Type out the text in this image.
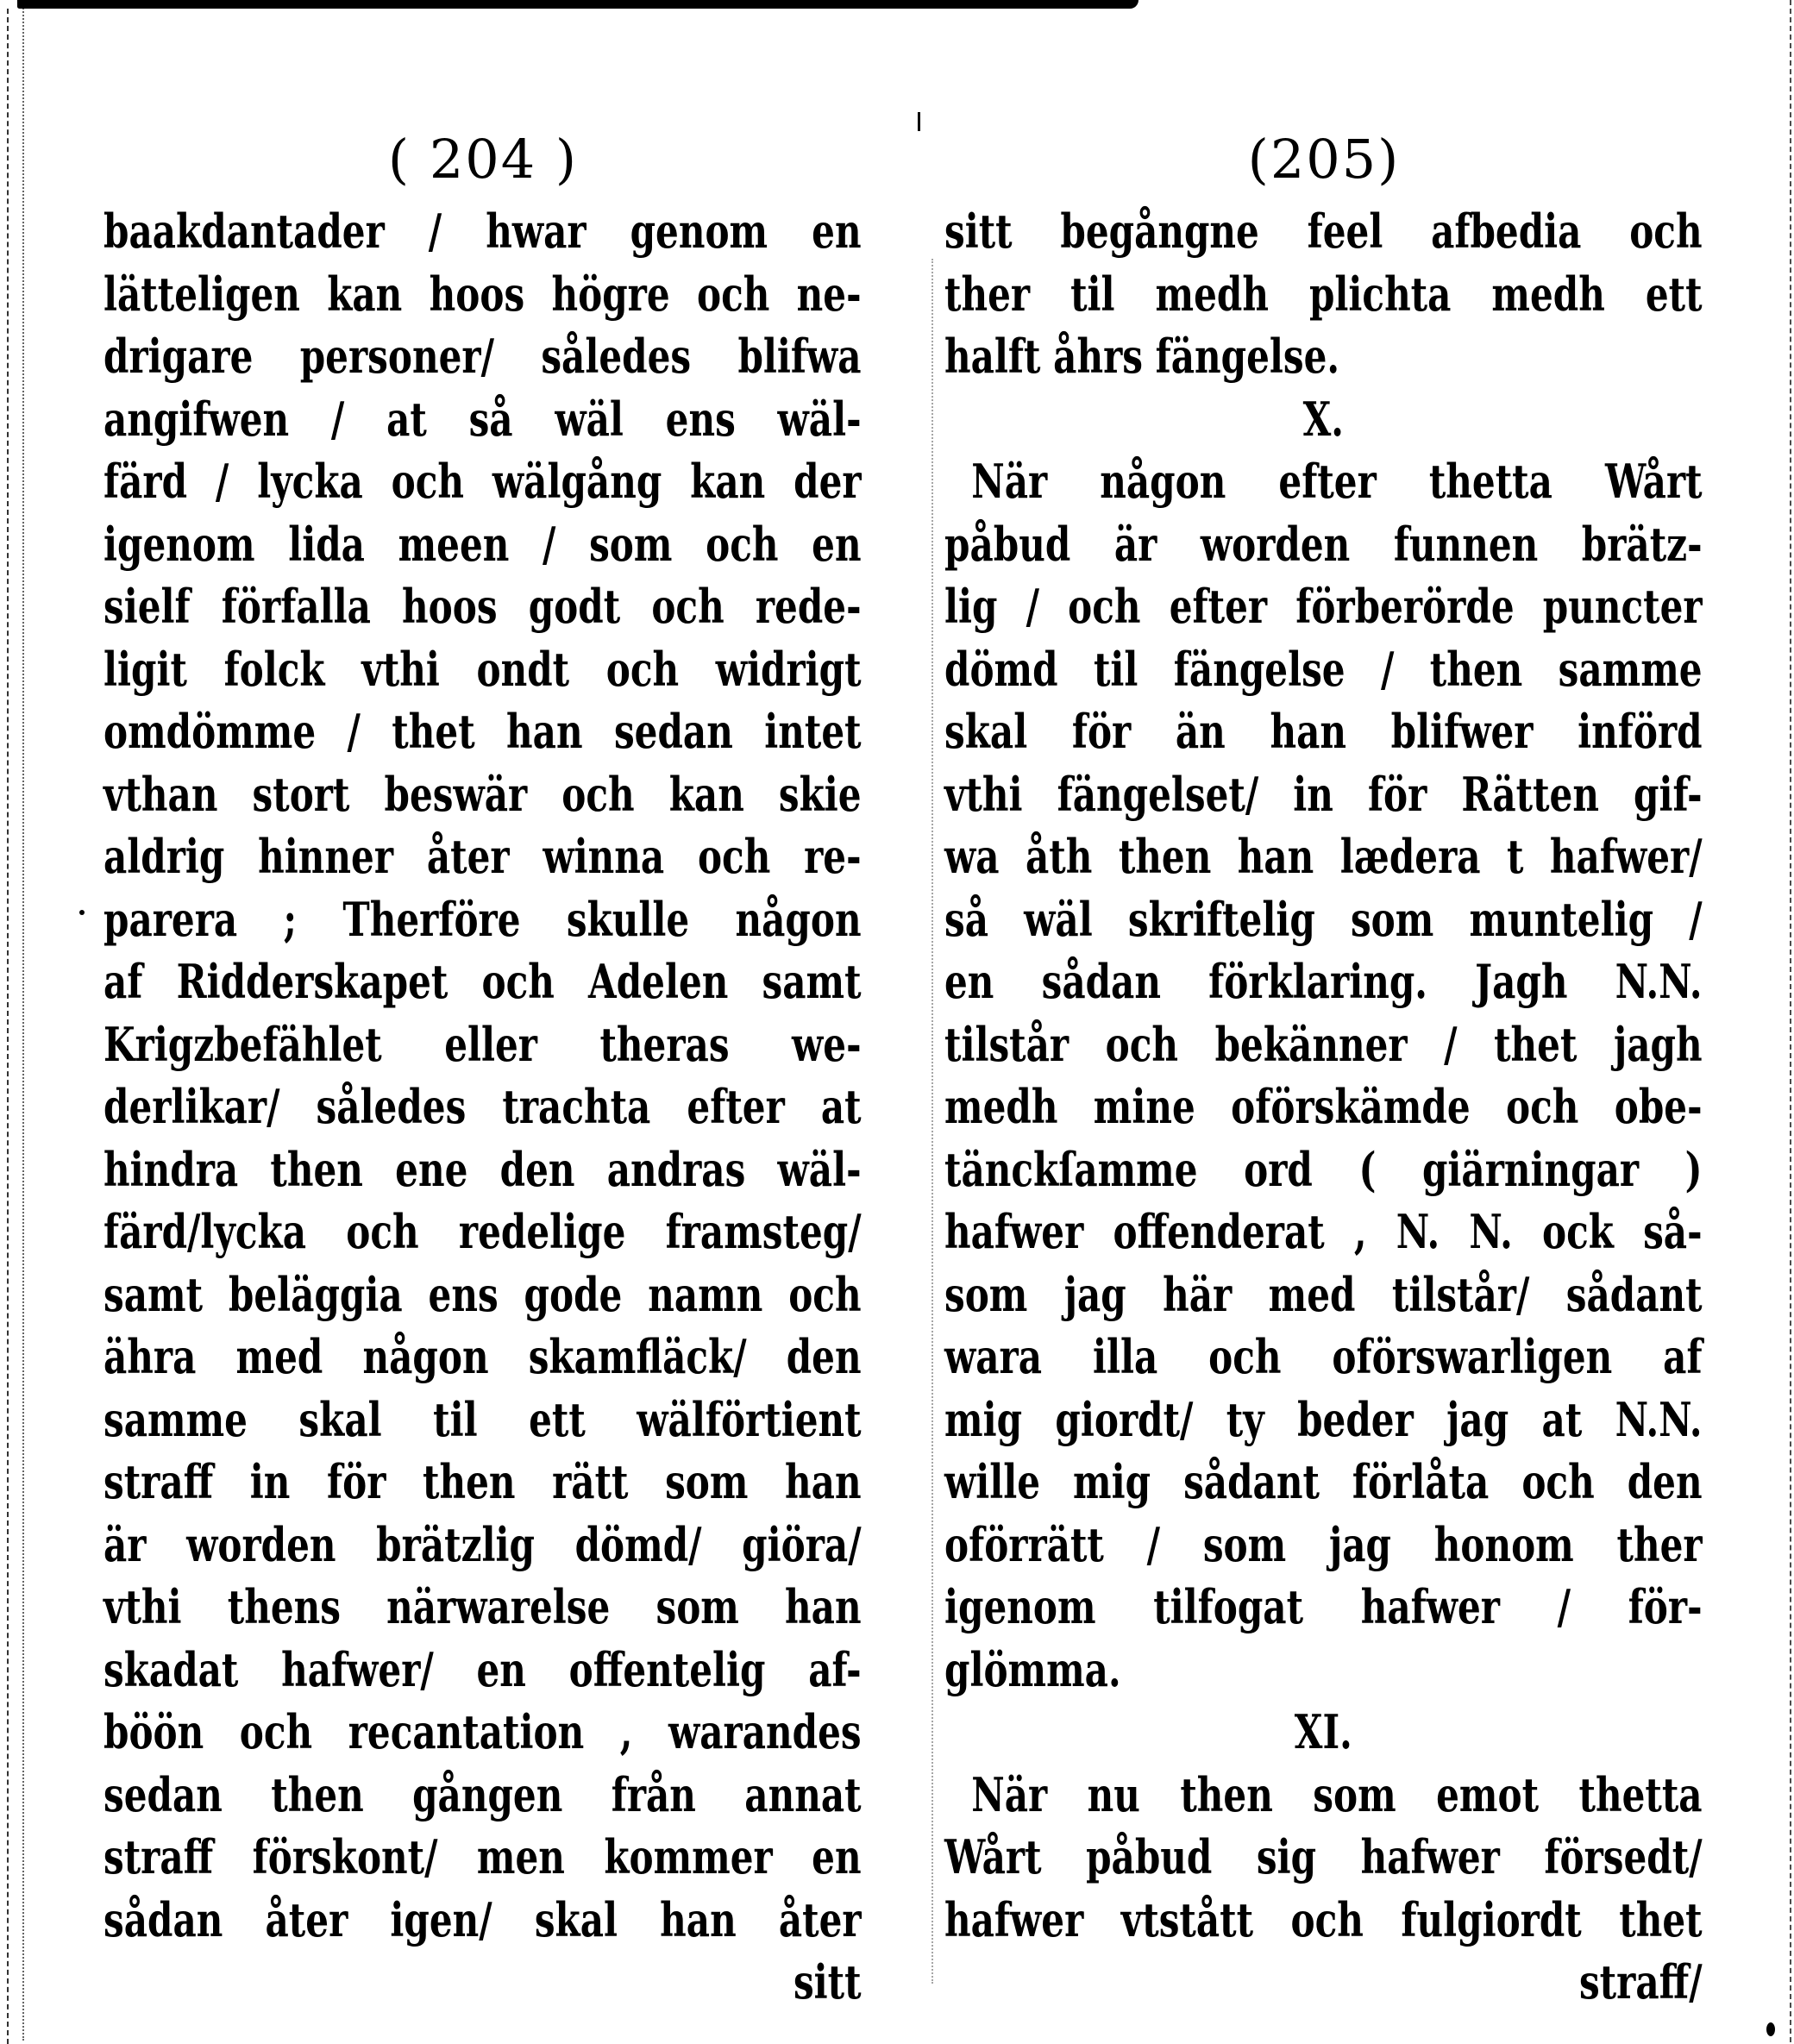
( 204 )
baakdantader / hwar genom en
lätteligen kan hoos högre och ne-
drigare personer/ således blifwa
angifwen / at så wäl ens wäl-
färd / lycka och wälgång kan der
igenom lida meen / som och en
sielf förfalla hoos godt och rede-
ligit folck vthi ondt och widrigt
omdömme / thet han sedan intet
vthan stort beswär och kan skie
aldrig hinner åter winna och re-
parera ; Therföre skulle någon
af Ridderskapet och Adelen samt
Krigzbefählet eller theras we-
derlikar/ således trachta efter at
hindra then ene den andras wäl-
färd/lycka och redelige framsteg/
samt beläggia ens gode namn och
ähra med någon skamfläck/ den
samme skal til ett wälförtient
straff in för then rätt som han
är worden brätzlig dömd/ giöra/
vthi thens närwarelse som han
skadat hafwer/ en offentelig af-
böön och recantation , warandes
sedan then gången från annat
straff förskont/ men kommer en
sådan åter igen/ skal han åter
sitt
(205)
sitt begångne feel afbedia och
ther til medh plichta medh ett
halft åhrs fängelse.
X.
När någon efter thetta Wårt
påbud är worden funnen brätz-
lig / och efter förberörde puncter
dömd til fängelse / then samme
skal för än han blifwer införd
vthi fängelset/ in för Rätten gif-
wa åth then han lædera t hafwer/
så wäl skriftelig som muntelig /
en sådan förklaring. Jagh N.N.
tilstår och bekänner / thet jagh
medh mine oförskämde och obe-
tänckſamme ord ( giärningar )
hafwer offenderat , N. N. ock så-
som jag här med tilstår/ sådant
wara illa och oförswarligen af
mig giordt/ ty beder jag at N.N.
wille mig sådant förlåta och den
oförrätt / som jag honom ther
igenom tilfogat hafwer / för-
glömma.
XI.
När nu then som emot thetta
Wårt påbud sig hafwer försedt/
hafwer vtstått och fulgiordt thet
straff/
